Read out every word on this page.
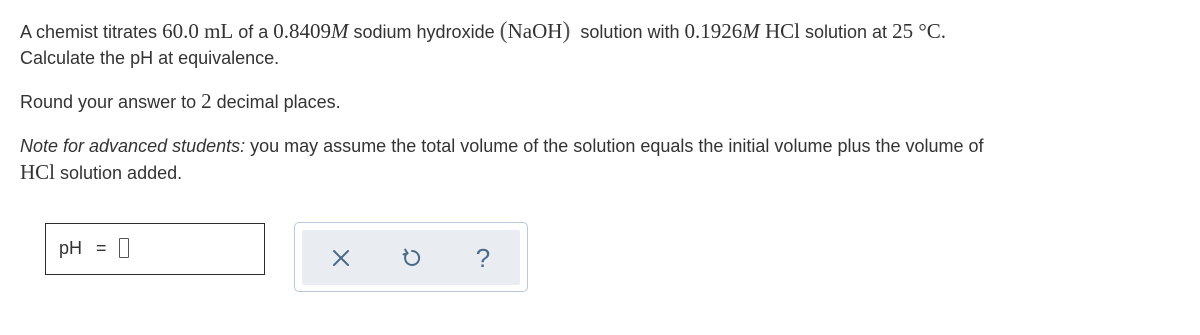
A chemist titrates 60.0 mL of a 0.8409M sodium hydroxide (NaOH)  solution with 0.1926M HCl solution at 25 °C.
Calculate the pH at equivalence.
Round your answer to 2 decimal places.
Note for advanced students: you may assume the total volume of the solution equals the initial volume plus the volume of
HCl solution added.
pH =	?
